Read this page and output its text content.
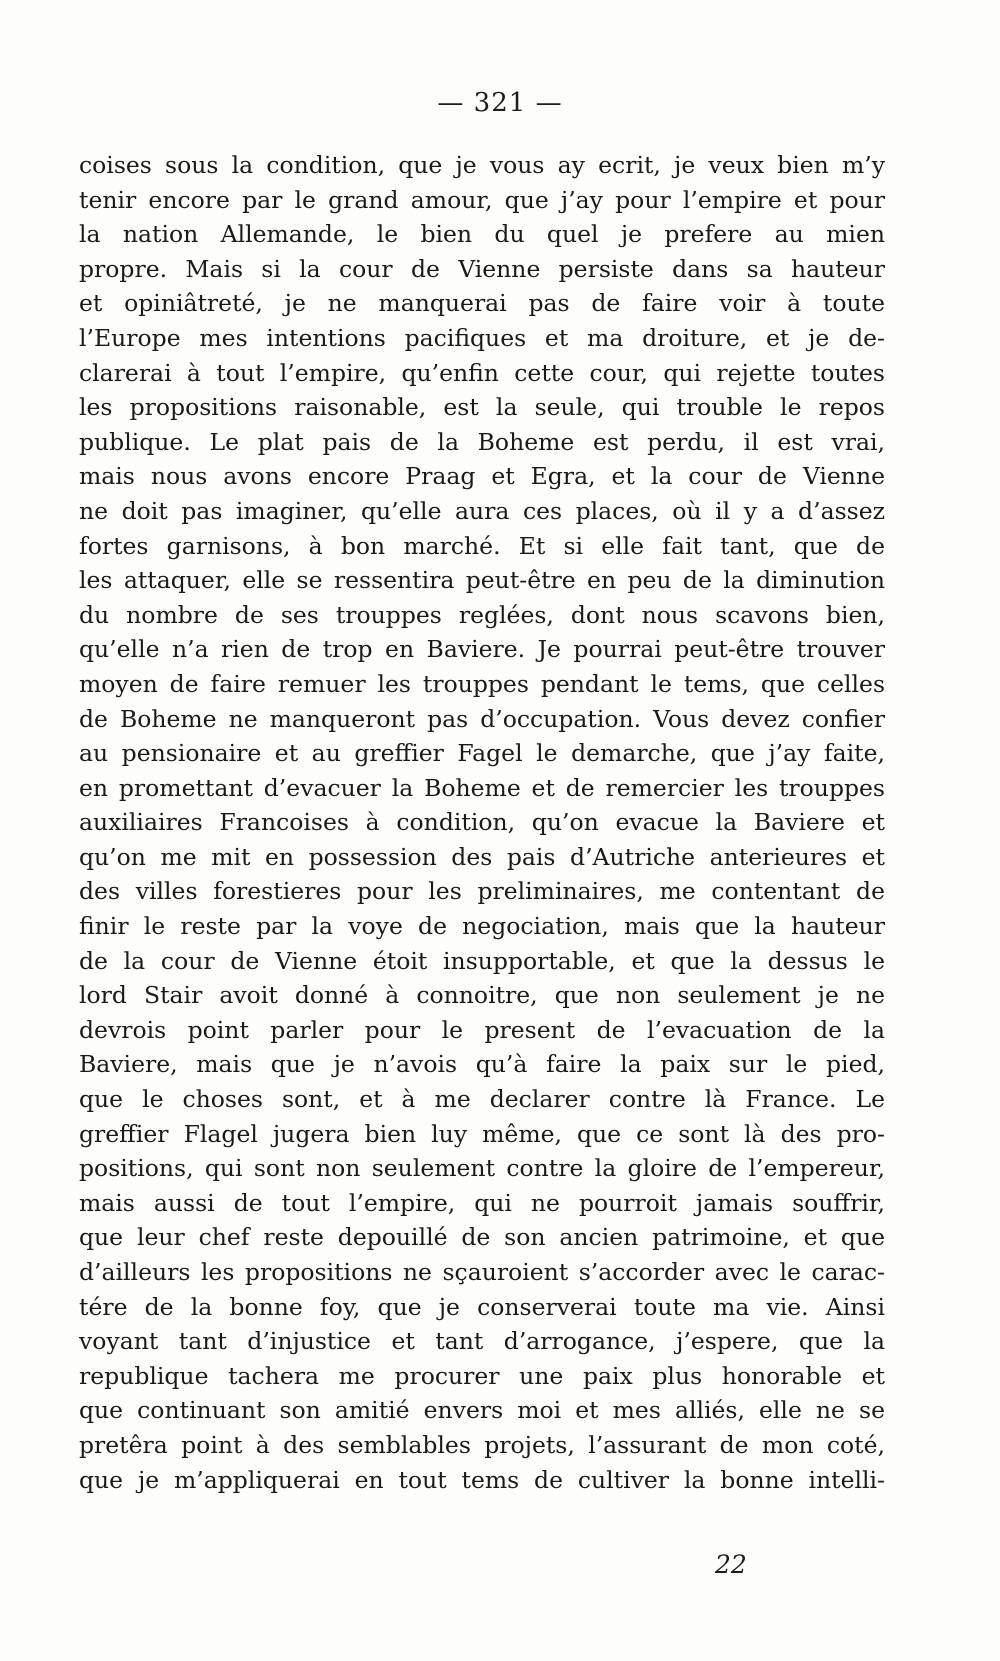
— 321 —
coises sous la condition, que je vous ay ecrit, je veux bien m’y
tenir encore par le grand amour, que j’ay pour l’empire et pour
la nation Allemande, le bien du quel je prefere au mien
propre. Mais si la cour de Vienne persiste dans sa hauteur
et opiniâtreté, je ne manquerai pas de faire voir à toute
l’Europe mes intentions pacifiques et ma droiture, et je de-
clarerai à tout l’empire, qu’enfin cette cour, qui rejette toutes
les propositions raisonable, est la seule, qui trouble le repos
publique. Le plat pais de la Boheme est perdu, il est vrai,
mais nous avons encore Praag et Egra, et la cour de Vienne
ne doit pas imaginer, qu’elle aura ces places, où il y a d’assez
fortes garnisons, à bon marché. Et si elle fait tant, que de
les attaquer, elle se ressentira peut-être en peu de la diminution
du nombre de ses trouppes reglées, dont nous scavons bien,
qu’elle n’a rien de trop en Baviere. Je pourrai peut-être trouver
moyen de faire remuer les trouppes pendant le tems, que celles
de Boheme ne manqueront pas d’occupation. Vous devez confier
au pensionaire et au greffier Fagel le demarche, que j’ay faite,
en promettant d’evacuer la Boheme et de remercier les trouppes
auxiliaires Francoises à condition, qu’on evacue la Baviere et
qu’on me mit en possession des pais d’Autriche anterieures et
des villes forestieres pour les preliminaires, me contentant de
finir le reste par la voye de negociation, mais que la hauteur
de la cour de Vienne étoit insupportable, et que la dessus le
lord Stair avoit donné à connoitre, que non seulement je ne
devrois point parler pour le present de l’evacuation de la
Baviere, mais que je n’avois qu’à faire la paix sur le pied,
que le choses sont, et à me declarer contre là France. Le
greffier Flagel jugera bien luy même, que ce sont là des pro-
positions, qui sont non seulement contre la gloire de l’empereur,
mais aussi de tout l’empire, qui ne pourroit jamais souffrir,
que leur chef reste depouillé de son ancien patrimoine, et que
d’ailleurs les propositions ne sçauroient s’accorder avec le carac-
tére de la bonne foy, que je conserverai toute ma vie. Ainsi
voyant tant d’injustice et tant d’arrogance, j’espere, que la
republique tachera me procurer une paix plus honorable et
que continuant son amitié envers moi et mes alliés, elle ne se
pretêra point à des semblables projets, l’assurant de mon coté,
que je m’appliquerai en tout tems de cultiver la bonne intelli-
22
